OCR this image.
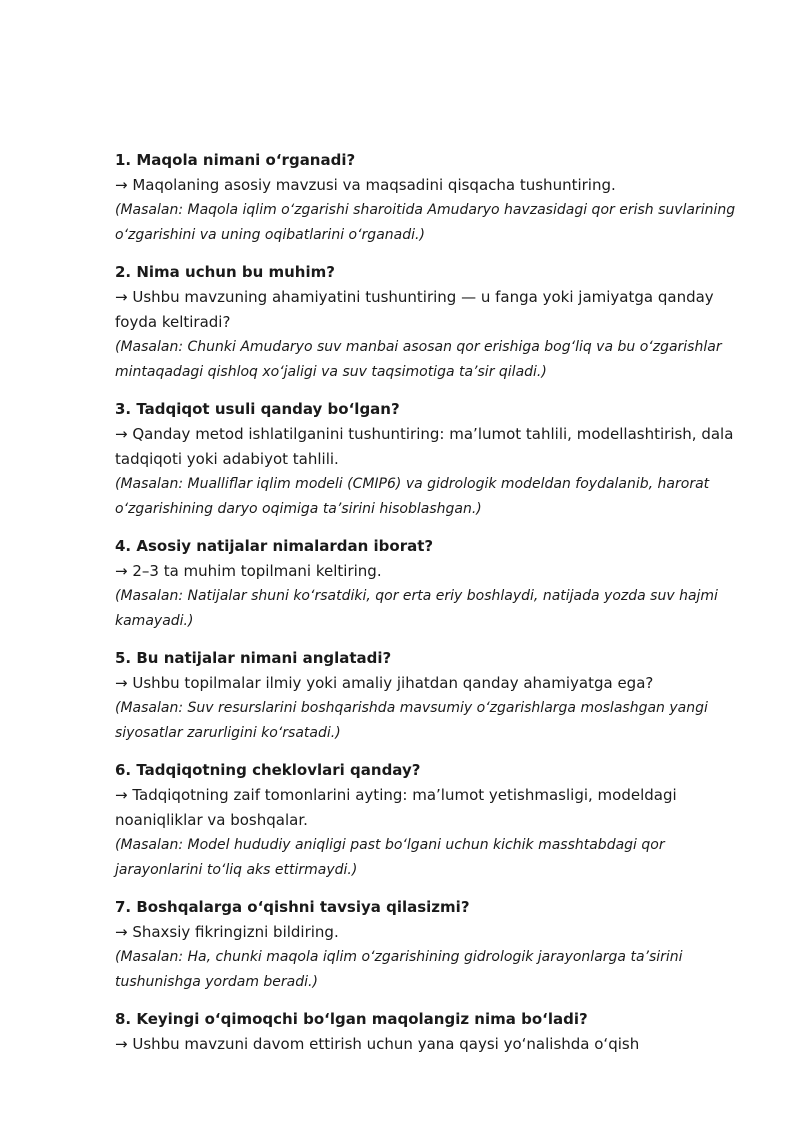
1. Maqola nimani o‘rganadi?

→ Maqolaning asosiy mavzusi va maqsadini qisqacha tushuntiring.

(Masalan: Maqola iqlim o‘zgarishi sharoitida Amudaryo havzasidagi qor erish suvlarining o‘zgarishini va uning oqibatlarini o‘rganadi.)

2. Nima uchun bu muhim?

→ Ushbu mavzuning ahamiyatini tushuntiring — u fanga yoki jamiyatga qanday foyda keltiradi?

(Masalan: Chunki Amudaryo suv manbai asosan qor erishiga bog‘liq va bu o‘zgarishlar mintaqadagi qishloq xo‘jaligi va suv taqsimotiga ta’sir qiladi.)

3. Tadqiqot usuli qanday bo‘lgan?

→ Qanday metod ishlatilganini tushuntiring: ma’lumot tahlili, modellashtirish, dala tadqiqoti yoki adabiyot tahlili.

(Masalan: Mualliflar iqlim modeli (CMIP6) va gidrologik modeldan foydalanib, harorat o‘zgarishining daryo oqimiga ta’sirini hisoblashgan.)

4. Asosiy natijalar nimalardan iborat?

→ 2–3 ta muhim topilmani keltiring.

(Masalan: Natijalar shuni ko‘rsatdiki, qor erta eriy boshlaydi, natijada yozda suv hajmi kamayadi.)

5. Bu natijalar nimani anglatadi?

→ Ushbu topilmalar ilmiy yoki amaliy jihatdan qanday ahamiyatga ega?

(Masalan: Suv resurslarini boshqarishda mavsumiy o‘zgarishlarga moslashgan yangi siyosatlar zarurligini ko‘rsatadi.)

6. Tadqiqotning cheklovlari qanday?

→ Tadqiqotning zaif tomonlarini ayting: ma’lumot yetishmasligi, modeldagi noaniqliklar va boshqalar.

(Masalan: Model hududiy aniqligi past bo‘lgani uchun kichik masshtabdagi qor jarayonlarini to‘liq aks ettirmaydi.)

7. Boshqalarga o‘qishni tavsiya qilasizmi?

→ Shaxsiy fikringizni bildiring.

(Masalan: Ha, chunki maqola iqlim o‘zgarishining gidrologik jarayonlarga ta’sirini tushunishga yordam beradi.)

8. Keyingi o‘qimoqchi bo‘lgan maqolangiz nima bo‘ladi?

→ Ushbu mavzuni davom ettirish uchun yana qaysi yo‘nalishda o‘qish
